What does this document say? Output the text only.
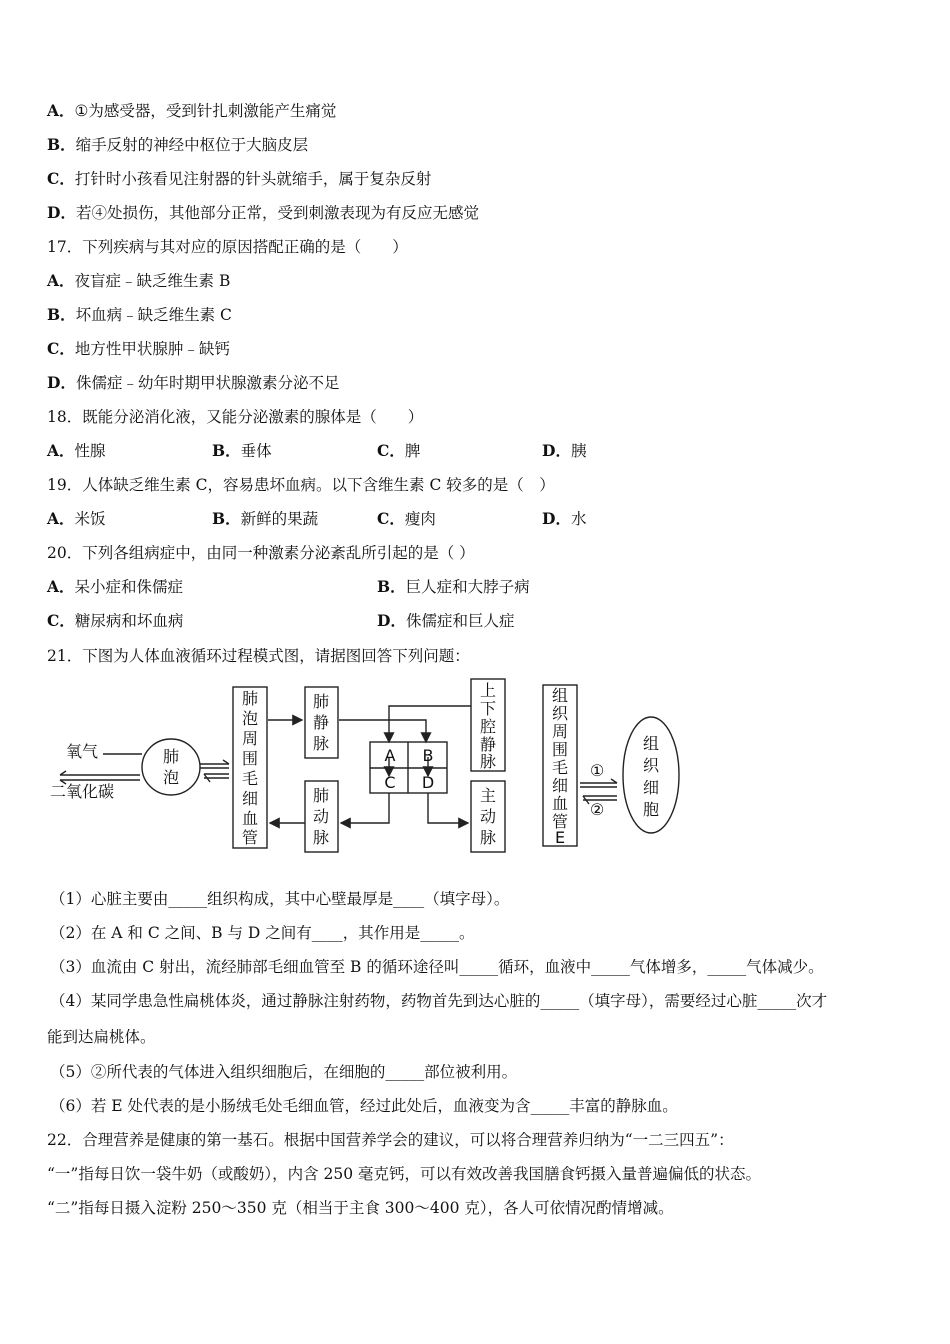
A．①为感受器，受到针扎刺激能产生痛觉
B．缩手反射的神经中枢位于大脑皮层
C．打针时小孩看见注射器的针头就缩手，属于复杂反射
D．若④处损伤，其他部分正常，受到刺激表现为有反应无感觉
17．下列疾病与其对应的原因搭配正确的是（　　）
A．夜盲症﹣缺乏维生素 B
B．坏血病﹣缺乏维生素 C
C．地方性甲状腺肿﹣缺钙
D．侏儒症﹣幼年时期甲状腺激素分泌不足
18．既能分泌消化液，又能分泌激素的腺体是（　　）
A．性腺	B．垂体	C．脾	D．胰
19．人体缺乏维生素 C，容易患坏血病。以下含维生素 C 较多的是（　）
A．米饭	B．新鲜的果蔬	C．瘦肉	D．水
20．下列各组病症中，由同一种激素分泌紊乱所引起的是（ ）
A．呆小症和侏儒症	B．巨人症和大脖子病
C．糖尿病和坏血病	D．侏儒症和巨人症
21．下图为人体血液循环过程模式图，请据图回答下列问题：
氧气
二氧化碳
肺
泡
肺
泡
周
围
毛
细
血
管
肺
静
脉
肺
动
脉
上
下
腔
静
脉
主
动
脉
组
织
周
围
毛
细
血
管
E
组
织
细
胞
A B
C D
①
②
（1）心脏主要由_____组织构成，其中心壁最厚是____（填字母）。
（2）在 A 和 C 之间、B 与 D 之间有____，其作用是_____。
（3）血流由 C 射出，流经肺部毛细血管至 B 的循环途径叫_____循环，血液中_____气体增多，_____气体减少。
（4）某同学患急性扁桃体炎，通过静脉注射药物，药物首先到达心脏的_____（填字母），需要经过心脏_____次才
能到达扁桃体。
（5）②所代表的气体进入组织细胞后，在细胞的_____部位被利用。
（6）若 E 处代表的是小肠绒毛处毛细血管，经过此处后，血液变为含_____丰富的静脉血。
22．合理营养是健康的第一基石。根据中国营养学会的建议，可以将合理营养归纳为“一二三四五”：
“一”指每日饮一袋牛奶（或酸奶），内含 250 毫克钙，可以有效改善我国膳食钙摄入量普遍偏低的状态。
“二”指每日摄入淀粉 250～350 克（相当于主食 300～400 克），各人可依情况酌情增减。
